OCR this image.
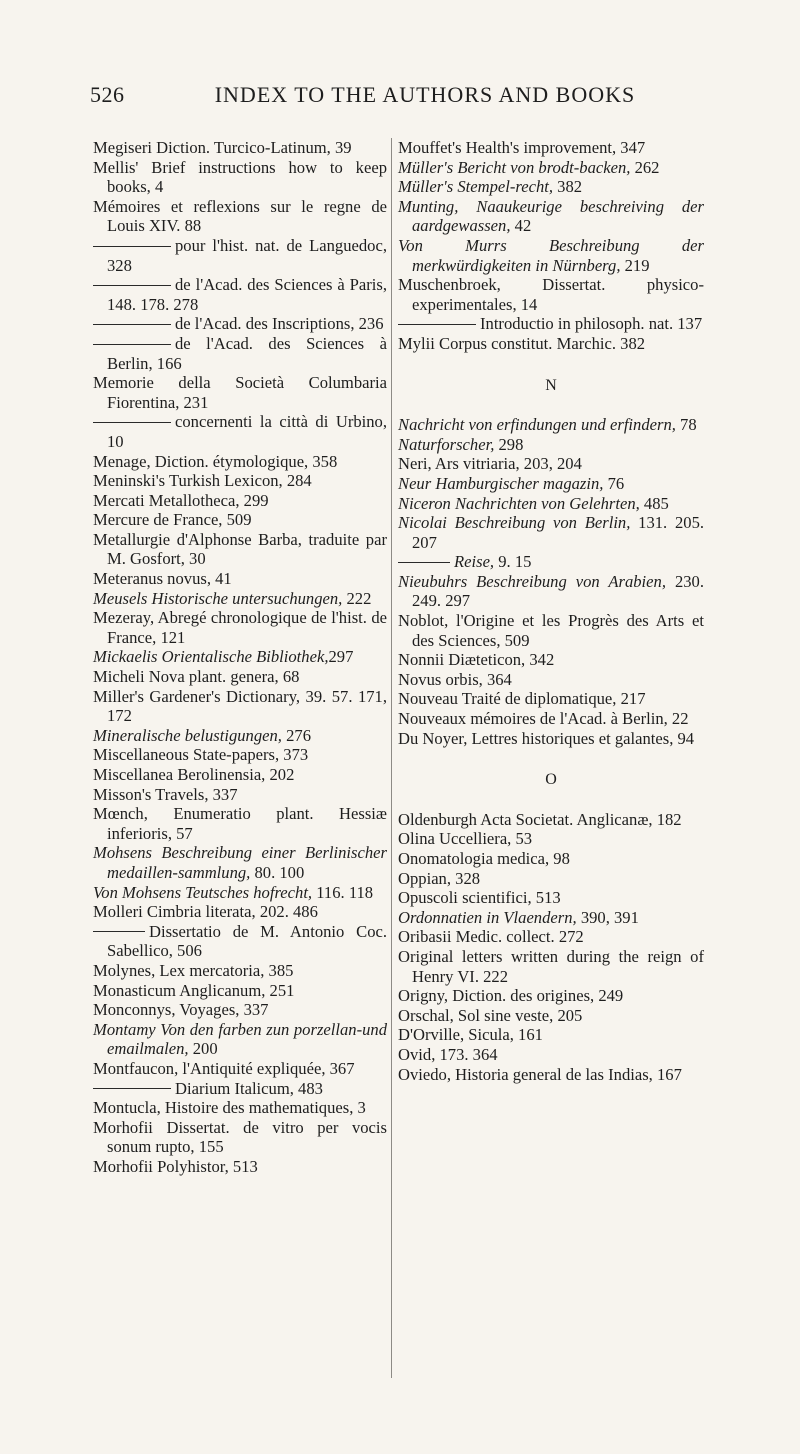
526	INDEX TO THE AUTHORS AND BOOKS

Megiseri Diction. Turcico-Latinum, 39

Mellis' Brief instructions how to keep books, 4

Mémoires et reflexions sur le regne de Louis XIV. 88

pour l'hist. nat. de Languedoc, 328

de l'Acad. des Sciences à Paris, 148. 178. 278

de l'Acad. des Inscriptions, 236

de l'Acad. des Sciences à Berlin, 166

Memorie della Società Columbaria Fiorentina, 231

concernenti la città di Urbino, 10

Menage, Diction. étymologique, 358

Meninski's Turkish Lexicon, 284

Mercati Metallotheca, 299

Mercure de France, 509

Metallurgie d'Alphonse Barba, traduite par M. Gosfort, 30

Meteranus novus, 41

Meusels Historische untersuchungen, 222

Mezeray, Abregé chronologique de l'hist. de France, 121

Mickaelis Orientalische Bibliothek,297

Micheli Nova plant. genera, 68

Miller's Gardener's Dictionary, 39. 57. 171, 172

Mineralische belustigungen, 276

Miscellaneous State-papers, 373

Miscellanea Berolinensia, 202

Misson's Travels, 337

Mœnch, Enumeratio plant. Hessiæ inferioris, 57

Mohsens Beschreibung einer Berlinischer medaillen-sammlung, 80. 100

Von Mohsens Teutsches hofrecht, 116. 118

Molleri Cimbria literata, 202. 486

Dissertatio de M. Antonio Coc. Sabellico, 506

Molynes, Lex mercatoria, 385

Monasticum Anglicanum, 251

Monconnys, Voyages, 337

Montamy Von den farben zun porzellan-und emailmalen, 200

Montfaucon, l'Antiquité expliquée, 367

Diarium Italicum, 483

Montucla, Histoire des mathematiques, 3

Morhofii Dissertat. de vitro per vocis sonum rupto, 155

Morhofii Polyhistor, 513

Mouffet's Health's improvement, 347

Müller's Bericht von brodt-backen, 262

Müller's Stempel-recht, 382

Munting, Naaukeurige beschreiving der aardgewassen, 42

Von Murrs Beschreibung der merkwürdigkeiten in Nürnberg, 219

Muschenbroek, Dissertat. physico-experimentales, 14

Introductio in philosoph. nat. 137

Mylii Corpus constitut. Marchic. 382

N

Nachricht von erfindungen und erfindern, 78

Naturforscher, 298

Neri, Ars vitriaria, 203, 204

Neur Hamburgischer magazin, 76

Niceron Nachrichten von Gelehrten, 485

Nicolai Beschreibung von Berlin, 131. 205. 207

Reise, 9. 15

Nieubuhrs Beschreibung von Arabien, 230. 249. 297

Noblot, l'Origine et les Progrès des Arts et des Sciences, 509

Nonnii Diæteticon, 342

Novus orbis, 364

Nouveau Traité de diplomatique, 217

Nouveaux mémoires de l'Acad. à Berlin, 22

Du Noyer, Lettres historiques et galantes, 94

O

Oldenburgh Acta Societat. Anglicanæ, 182

Olina Uccelliera, 53

Onomatologia medica, 98

Oppian, 328

Opuscoli scientifici, 513

Ordonnatien in Vlaendern, 390, 391

Oribasii Medic. collect. 272

Original letters written during the reign of Henry VI. 222

Origny, Diction. des origines, 249

Orschal, Sol sine veste, 205

D'Orville, Sicula, 161

Ovid, 173. 364

Oviedo, Historia general de las Indias, 167
